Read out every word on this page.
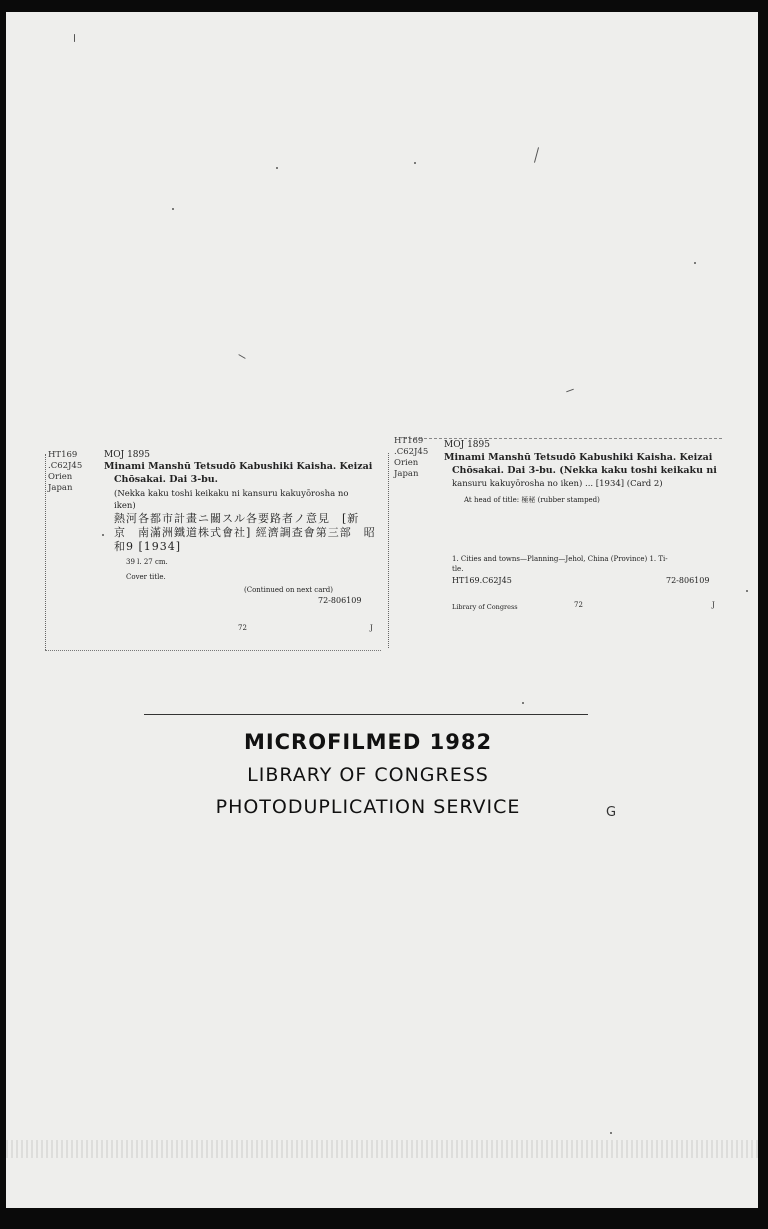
HT169
.C62J45
Orien
Japan
MOJ 1895
Minami Manshū Tetsudō Kabushiki Kaisha. Keizai
Chōsakai. Dai 3-bu.
(Nekka kaku toshi keikaku ni kansuru kakuyōrosha no
iken)
熱河各都市計畫ニ關スル各要路者ノ意見　[新
京　南滿洲鐵道株式會社] 經濟調查會第三部　昭
和9 [1934]
39 l. 27 cm.
Cover title.
(Continued on next card)
72-806109
72	J
HT169
.C62J45
Orien
Japan
MOJ 1895
Minami Manshū Tetsudō Kabushiki Kaisha. Keizai
Chōsakai. Dai 3-bu. (Nekka kaku toshi keikaku ni
kansuru kakuyōrosha no iken) ... [1934] (Card 2)
At head of title: 極秘 (rubber stamped)
1. Cities and towns—Planning—Jehol, China (Province) 1. Ti-
tle.
HT169.C62J45	72-806109
Library of Congress	72	J
MICROFILMED 1982
LIBRARY OF CONGRESS
PHOTODUPLICATION SERVICE	G
